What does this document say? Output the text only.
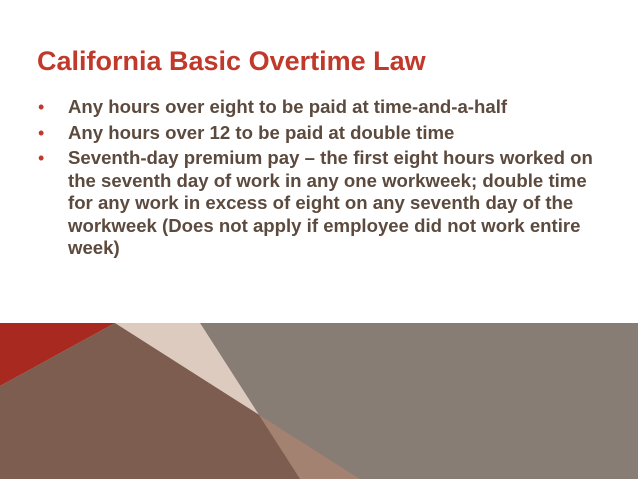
California Basic Overtime Law
• Any hours over eight to be paid at time-and-a-half
• Any hours over 12 to be paid at double time
• Seventh-day premium pay – the first eight hours worked on the seventh day of work in any one workweek; double time for any work in excess of eight on any seventh day of the workweek (Does not apply if employee did not work entire week)
